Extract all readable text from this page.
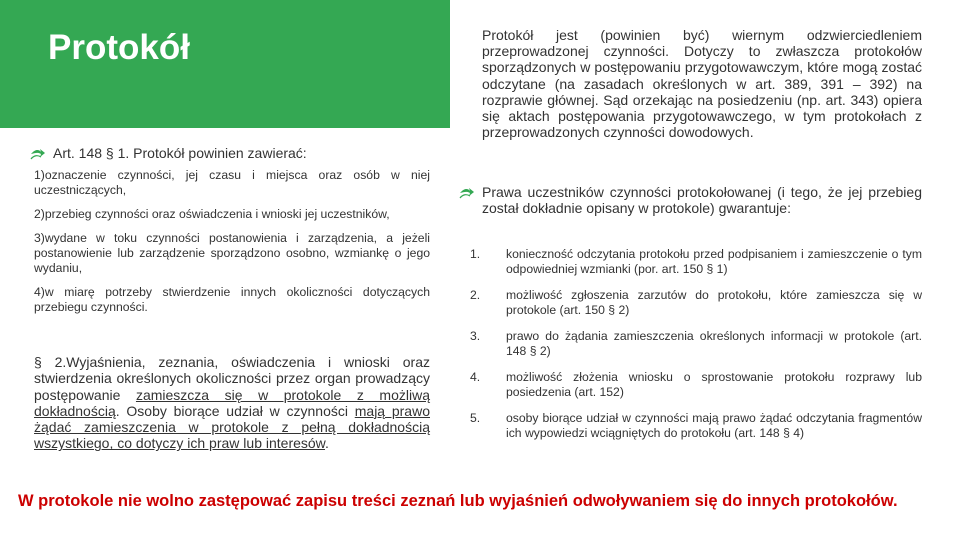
Protokół
Art. 148 § 1. Protokół powinien zawierać:

1)oznaczenie czynności, jej czasu i miejsca oraz osób w niej uczestniczących,

2)przebieg czynności oraz oświadczenia i wnioski jej uczestników,

3)wydane w toku czynności postanowienia i zarządzenia, a jeżeli postanowienie lub zarządzenie sporządzono osobno, wzmiankę o jego wydaniu,

4)w miarę potrzeby stwierdzenie innych okoliczności dotyczących przebiegu czynności.

§ 2.Wyjaśnienia, zeznania, oświadczenia i wnioski oraz stwierdzenia określonych okoliczności przez organ prowadzący postępowanie zamieszcza się w protokole z możliwą dokładnością. Osoby biorące udział w czynności mają prawo żądać zamieszczenia w protokole z pełną dokładnością wszystkiego, co dotyczy ich praw lub interesów.
Protokół jest (powinien być) wiernym odzwierciedleniem przeprowadzonej czynności. Dotyczy to zwłaszcza protokołów sporządzonych w postępowaniu przygotowawczym, które mogą zostać odczytane (na zasadach określonych w art. 389, 391 – 392) na rozprawie głównej. Sąd orzekając na posiedzeniu (np. art. 343) opiera się aktach postępowania przygotowawczego, w tym protokołach z przeprowadzonych czynności dowodowych.
Prawa uczestników czynności protokołowanej (i tego, że jej przebieg został dokładnie opisany w protokole) gwarantuje:
1. konieczność odczytania protokołu przed podpisaniem i zamieszczenie o tym odpowiedniej wzmianki (por. art. 150 § 1)
2. możliwość zgłoszenia zarzutów do protokołu, które zamieszcza się w protokole (art. 150 § 2)
3. prawo do żądania zamieszczenia określonych informacji w protokole (art. 148 § 2)
4. możliwość złożenia wniosku o sprostowanie protokołu rozprawy lub posiedzenia (art. 152)
5. osoby biorące udział w czynności mają prawo żądać odczytania fragmentów ich wypowiedzi wciągniętych do protokołu (art. 148 § 4)
W protokole nie wolno zastępować zapisu treści zeznań lub wyjaśnień odwoływaniem się do innych protokołów.
